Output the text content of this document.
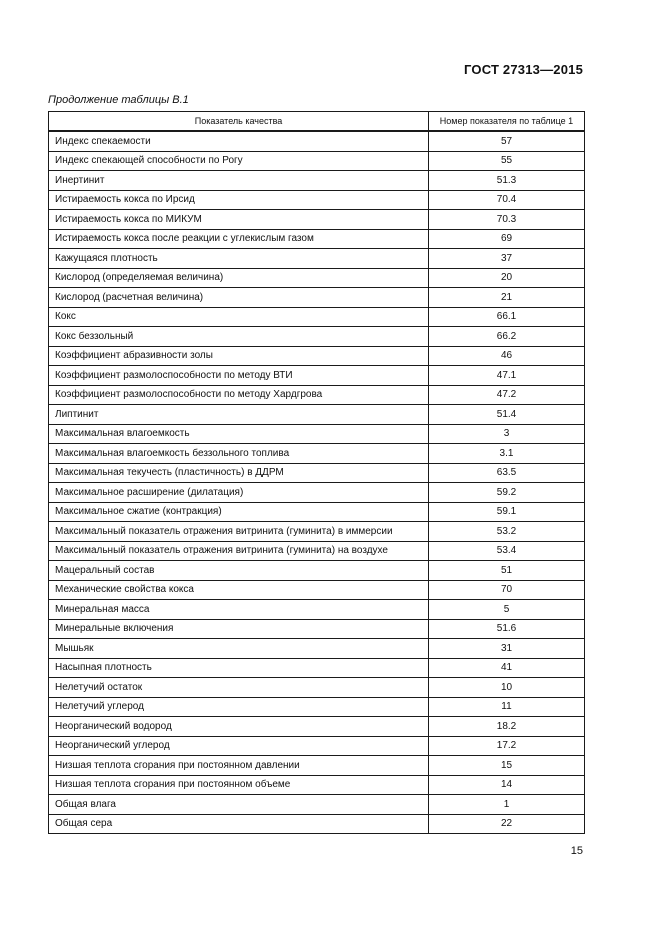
ГОСТ 27313—2015
Продолжение таблицы В.1
Показатель качества	Номер показателя по таблице 1
Индекс спекаемости	57
Индекс спекающей способности по Рогу	55
Инертинит	51.3
Истираемость кокса по Ирсид	70.4
Истираемость кокса по МИКУМ	70.3
Истираемость кокса после реакции с углекислым газом	69
Кажущаяся плотность	37
Кислород (определяемая величина)	20
Кислород (расчетная величина)	21
Кокс	66.1
Кокс беззольный	66.2
Коэффициент абразивности золы	46
Коэффициент размолоспособности по методу ВТИ	47.1
Коэффициент размолоспособности по методу Хардгрова	47.2
Липтинит	51.4
Максимальная влагоемкость	3
Максимальная влагоемкость беззольного топлива	3.1
Максимальная текучесть (пластичность) в ДДРМ	63.5
Максимальное расширение (дилатация)	59.2
Максимальное сжатие (контракция)	59.1
Максимальный показатель отражения витринита (гуминита) в иммерсии	53.2
Максимальный показатель отражения витринита (гуминита) на воздухе	53.4
Мацеральный состав	51
Механические свойства кокса	70
Минеральная масса	5
Минеральные включения	51.6
Мышьяк	31
Насыпная плотность	41
Нелетучий остаток	10
Нелетучий углерод	11
Неорганический водород	18.2
Неорганический углерод	17.2
Низшая теплота сгорания при постоянном давлении	15
Низшая теплота сгорания при постоянном объеме	14
Общая влага	1
Общая сера	22
15
